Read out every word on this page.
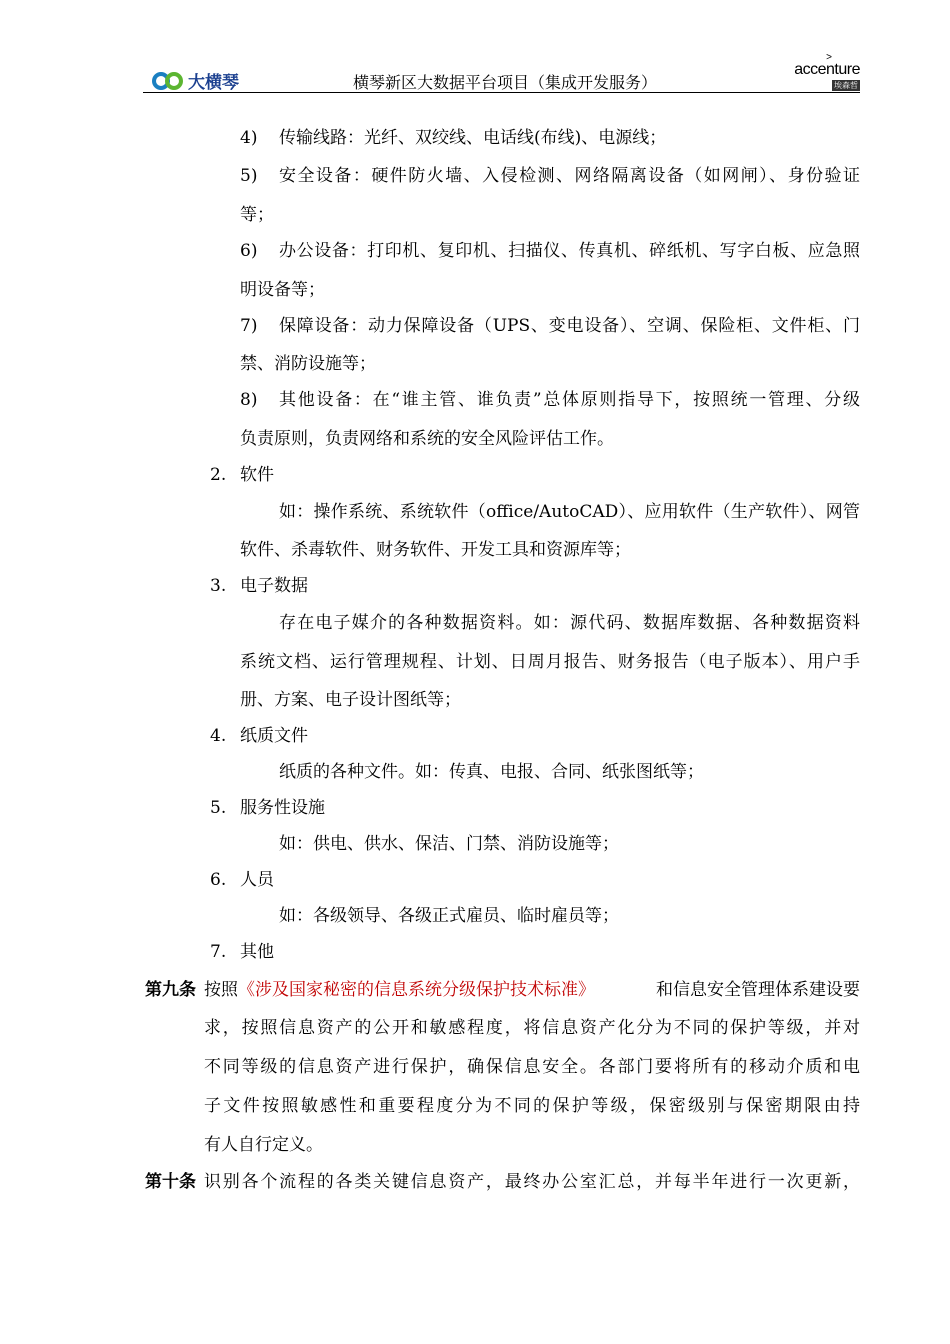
大横琴	横琴新区大数据平台项目（集成开发服务）
>
accenture
埃森哲
4) 传输线路：光纤、双绞线、电话线(布线)、电源线；
5) 安全设备：硬件防火墙、入侵检测、网络隔离设备（如网闸）、身份验证
等；
6) 办公设备：打印机、复印机、扫描仪、传真机、碎纸机、写字白板、应急照
明设备等；
7) 保障设备：动力保障设备（UPS、变电设备）、空调、保险柜、文件柜、门
禁、消防设施等；
8) 其他设备：在“谁主管、谁负责”总体原则指导下，按照统一管理、分级
负责原则，负责网络和系统的安全风险评估工作。
2. 软件
如：操作系统、系统软件（office/AutoCAD）、应用软件（生产软件）、网管
软件、杀毒软件、财务软件、开发工具和资源库等；
3. 电子数据
存在电子媒介的各种数据资料。如：源代码、数据库数据、各种数据资料
系统文档、运行管理规程、计划、日周月报告、财务报告（电子版本）、用户手
册、方案、电子设计图纸等；
4. 纸质文件
纸质的各种文件。如：传真、电报、合同、纸张图纸等；
5. 服务性设施
如：供电、供水、保洁、门禁、消防设施等；
6. 人员
如：各级领导、各级正式雇员、临时雇员等；
7. 其他
第九条 按照 《涉及国家秘密的信息系统分级保护技术标准》	和信息安全管理体系建设要
求，按照信息资产的公开和敏感程度，将信息资产化分为不同的保护等级，并对
不同等级的信息资产进行保护，确保信息安全。各部门要将所有的移动介质和电
子文件按照敏感性和重要程度分为不同的保护等级，保密级别与保密期限由持
有人自行定义。
第十条 识别各个流程的各类关键信息资产，最终办公室汇总，并每半年进行一次更新，
